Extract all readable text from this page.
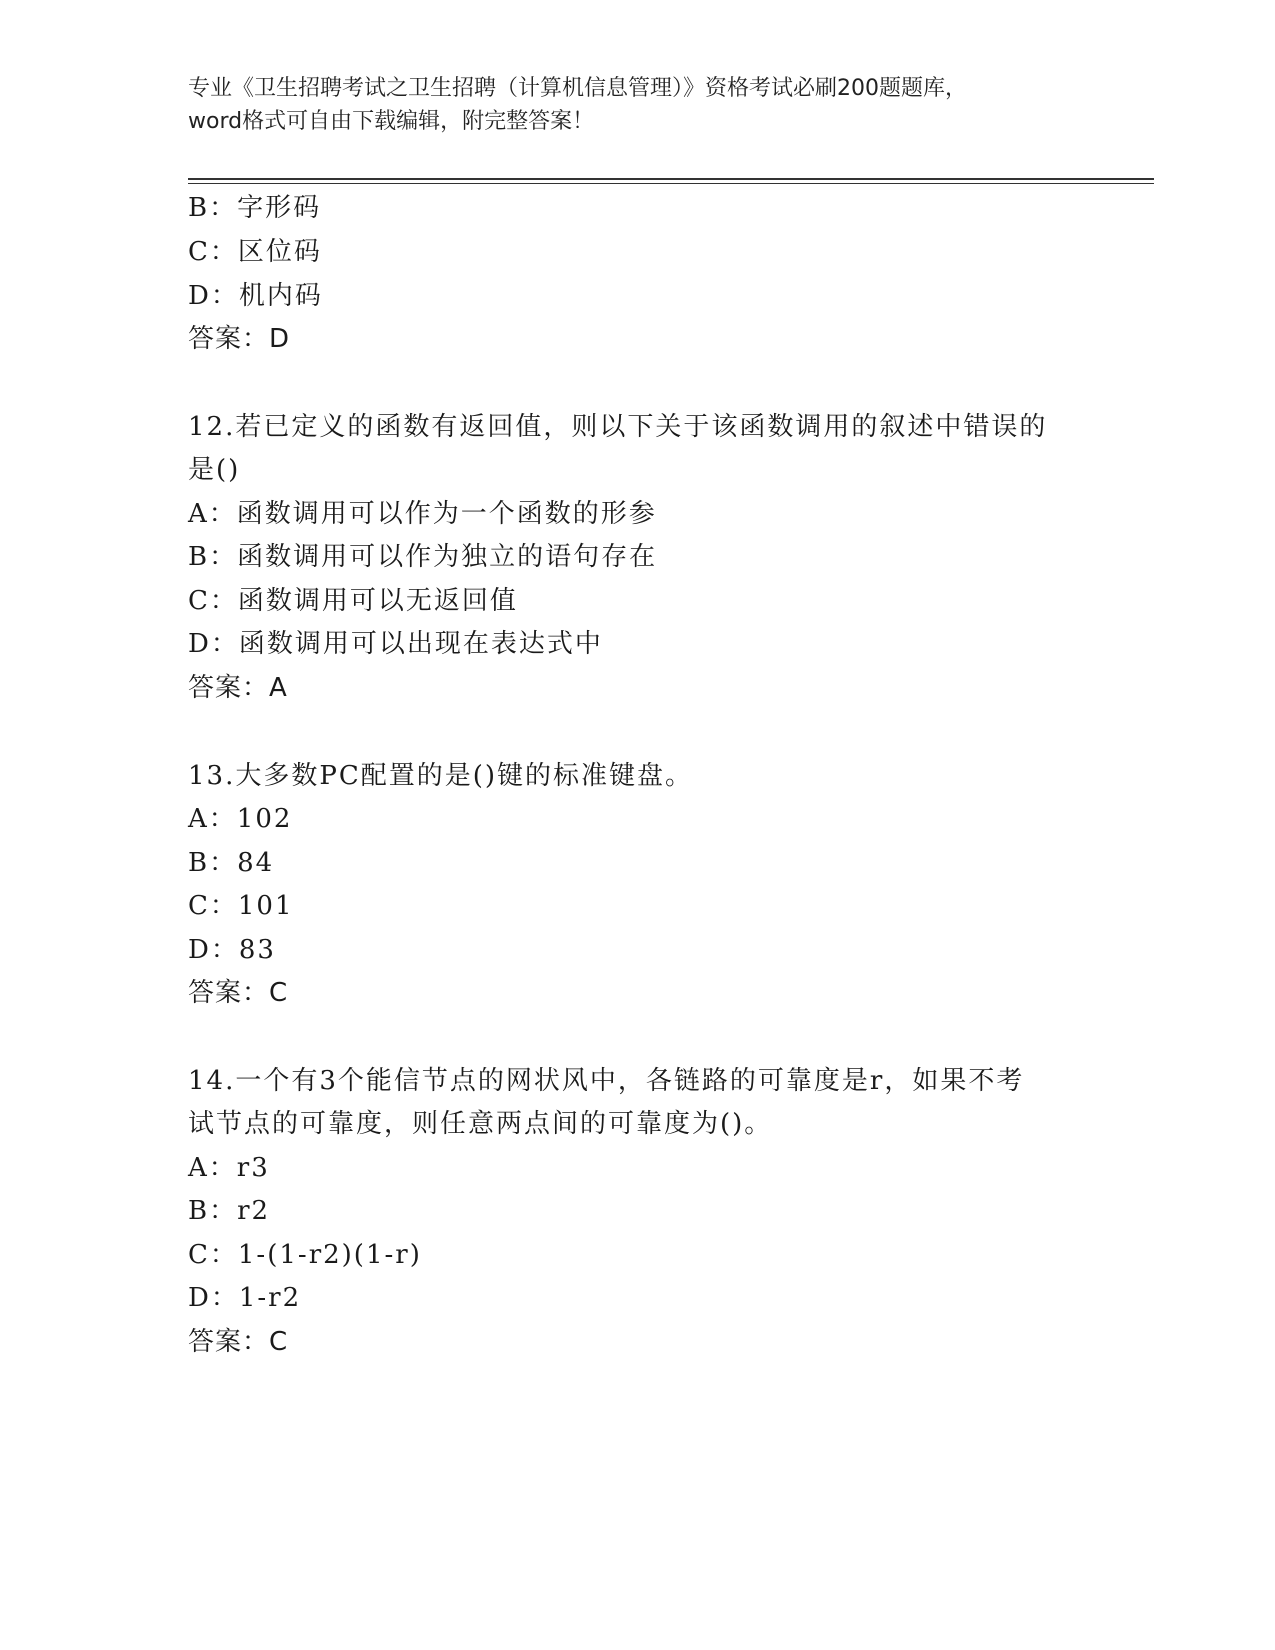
专业《卫生招聘考试之卫生招聘（计算机信息管理）》资格考试必刷200题题库，
word格式可自由下载编辑，附完整答案！
B：字形码
C：区位码
D：机内码
答案：D
12.若已定义的函数有返回值，则以下关于该函数调用的叙述中错误的
是()
A：函数调用可以作为一个函数的形参
B：函数调用可以作为独立的语句存在
C：函数调用可以无返回值
D：函数调用可以出现在表达式中
答案：A
13.大多数PC配置的是()键的标准键盘。
A：102
B：84
C：101
D：83
答案：C
14.一个有3个能信节点的网状风中，各链路的可靠度是r，如果不考
试节点的可靠度，则任意两点间的可靠度为()。
A：r3
B：r2
C：1-(1-r2)(1-r)
D：1-r2
答案：C
